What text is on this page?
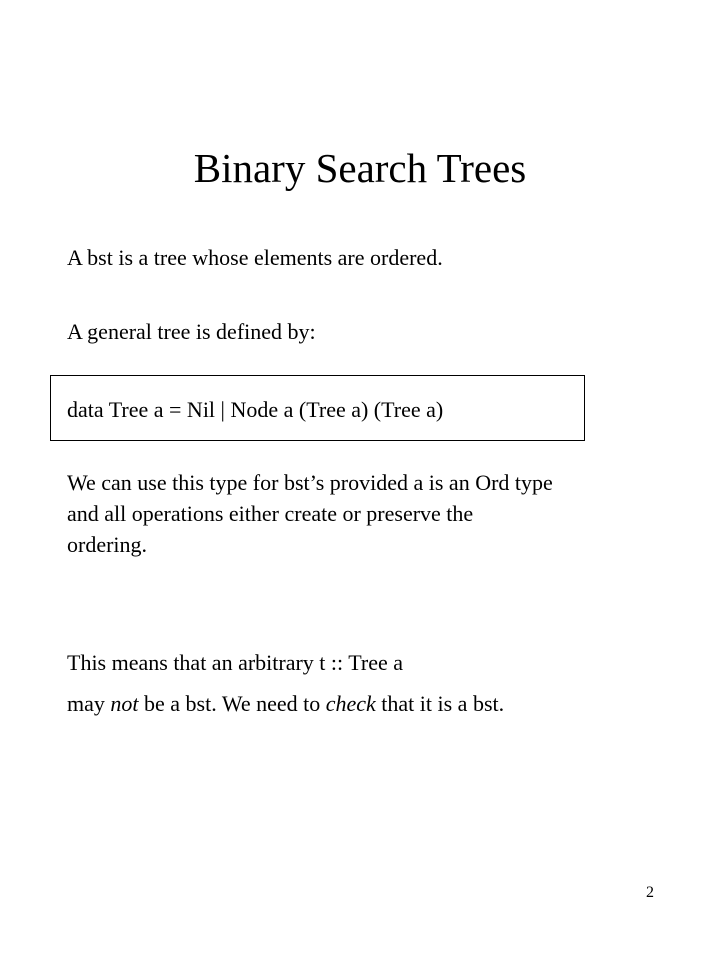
Binary Search Trees
A bst is a tree whose elements are ordered.
A general tree is defined by:
data Tree a = Nil | Node a (Tree a) (Tree a)
We can use this type for bst’s provided a is an Ord type
and all operations either create or preserve the
ordering.
This means that an arbitrary t :: Tree a
may not be a bst. We need to check that it is a bst.
2
